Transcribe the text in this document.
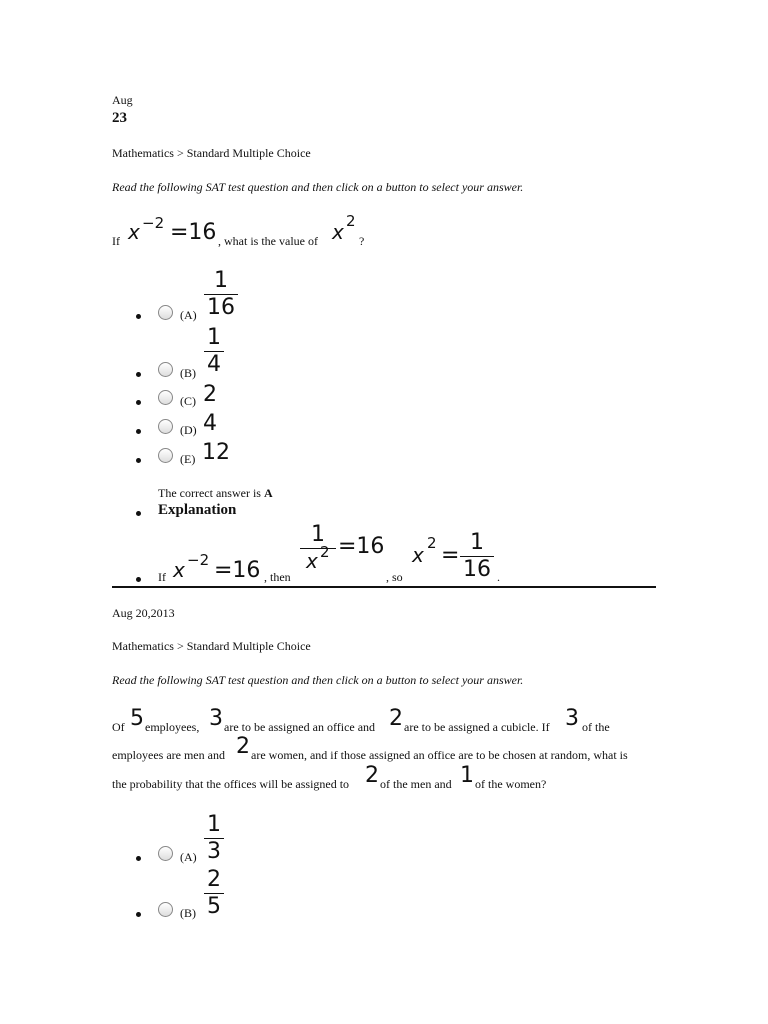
Aug
23
Mathematics > Standard Multiple Choice
Read the following SAT test question and then click on a button to select your answer.
If x −2 =16 , what is the value of x 2
?
(A)
1
16
(B)
1
4
(C) 2
(D) 4
(E) 12
The correct answer is A
Explanation
If x −2 =16 , then
1
x 2 =16
, so
x 2 =
1
16 .
Aug 20,2013
Mathematics > Standard Multiple Choice
Read the following SAT test question and then click on a button to select your answer.
Of 5 employees, 3 are to be assigned an office and 2 are to be assigned a cubicle. If 3 of the
employees are men and 2 are women, and if those assigned an office are to be chosen at random, what is
the probability that the offices will be assigned to 2 of the men and 1 of the women?
(A)
1
3
(B)
2
5
